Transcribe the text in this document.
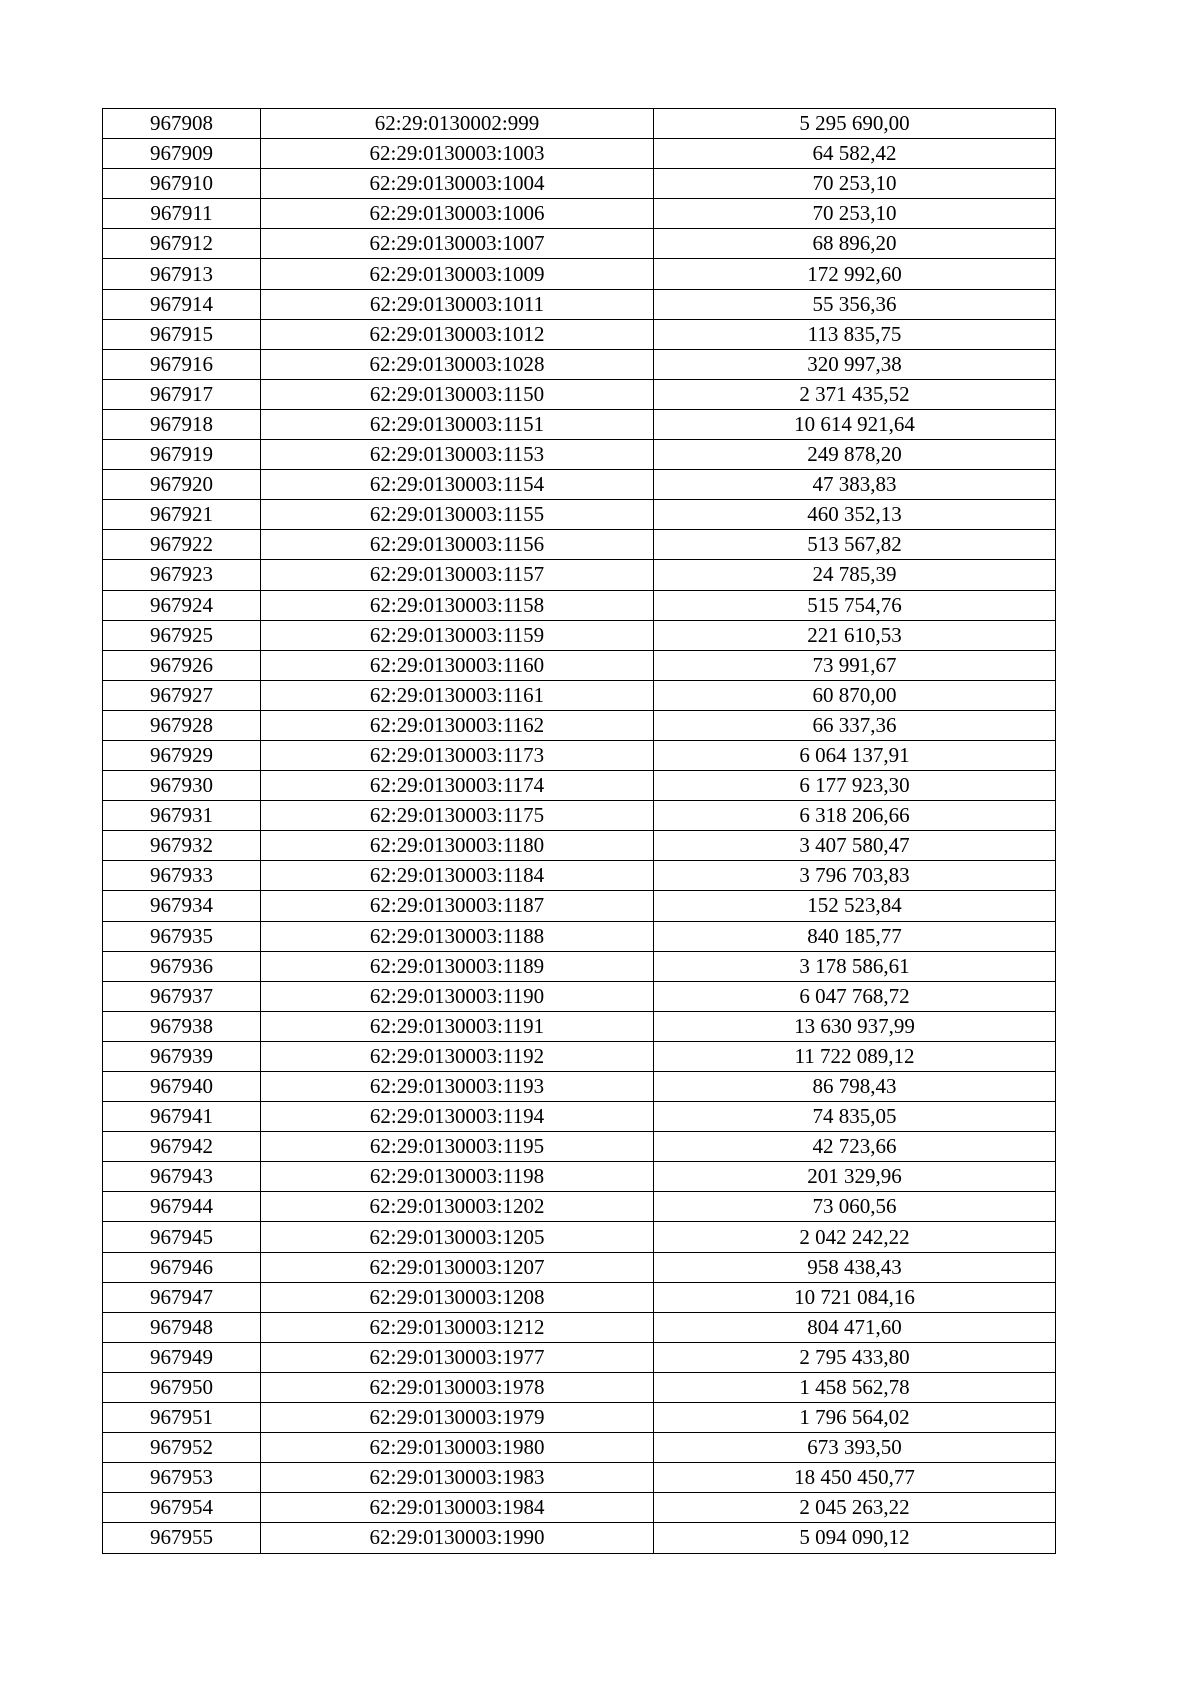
967908	62:29:0130002:999	5 295 690,00
967909	62:29:0130003:1003	64 582,42
967910	62:29:0130003:1004	70 253,10
967911	62:29:0130003:1006	70 253,10
967912	62:29:0130003:1007	68 896,20
967913	62:29:0130003:1009	172 992,60
967914	62:29:0130003:1011	55 356,36
967915	62:29:0130003:1012	113 835,75
967916	62:29:0130003:1028	320 997,38
967917	62:29:0130003:1150	2 371 435,52
967918	62:29:0130003:1151	10 614 921,64
967919	62:29:0130003:1153	249 878,20
967920	62:29:0130003:1154	47 383,83
967921	62:29:0130003:1155	460 352,13
967922	62:29:0130003:1156	513 567,82
967923	62:29:0130003:1157	24 785,39
967924	62:29:0130003:1158	515 754,76
967925	62:29:0130003:1159	221 610,53
967926	62:29:0130003:1160	73 991,67
967927	62:29:0130003:1161	60 870,00
967928	62:29:0130003:1162	66 337,36
967929	62:29:0130003:1173	6 064 137,91
967930	62:29:0130003:1174	6 177 923,30
967931	62:29:0130003:1175	6 318 206,66
967932	62:29:0130003:1180	3 407 580,47
967933	62:29:0130003:1184	3 796 703,83
967934	62:29:0130003:1187	152 523,84
967935	62:29:0130003:1188	840 185,77
967936	62:29:0130003:1189	3 178 586,61
967937	62:29:0130003:1190	6 047 768,72
967938	62:29:0130003:1191	13 630 937,99
967939	62:29:0130003:1192	11 722 089,12
967940	62:29:0130003:1193	86 798,43
967941	62:29:0130003:1194	74 835,05
967942	62:29:0130003:1195	42 723,66
967943	62:29:0130003:1198	201 329,96
967944	62:29:0130003:1202	73 060,56
967945	62:29:0130003:1205	2 042 242,22
967946	62:29:0130003:1207	958 438,43
967947	62:29:0130003:1208	10 721 084,16
967948	62:29:0130003:1212	804 471,60
967949	62:29:0130003:1977	2 795 433,80
967950	62:29:0130003:1978	1 458 562,78
967951	62:29:0130003:1979	1 796 564,02
967952	62:29:0130003:1980	673 393,50
967953	62:29:0130003:1983	18 450 450,77
967954	62:29:0130003:1984	2 045 263,22
967955	62:29:0130003:1990	5 094 090,12
